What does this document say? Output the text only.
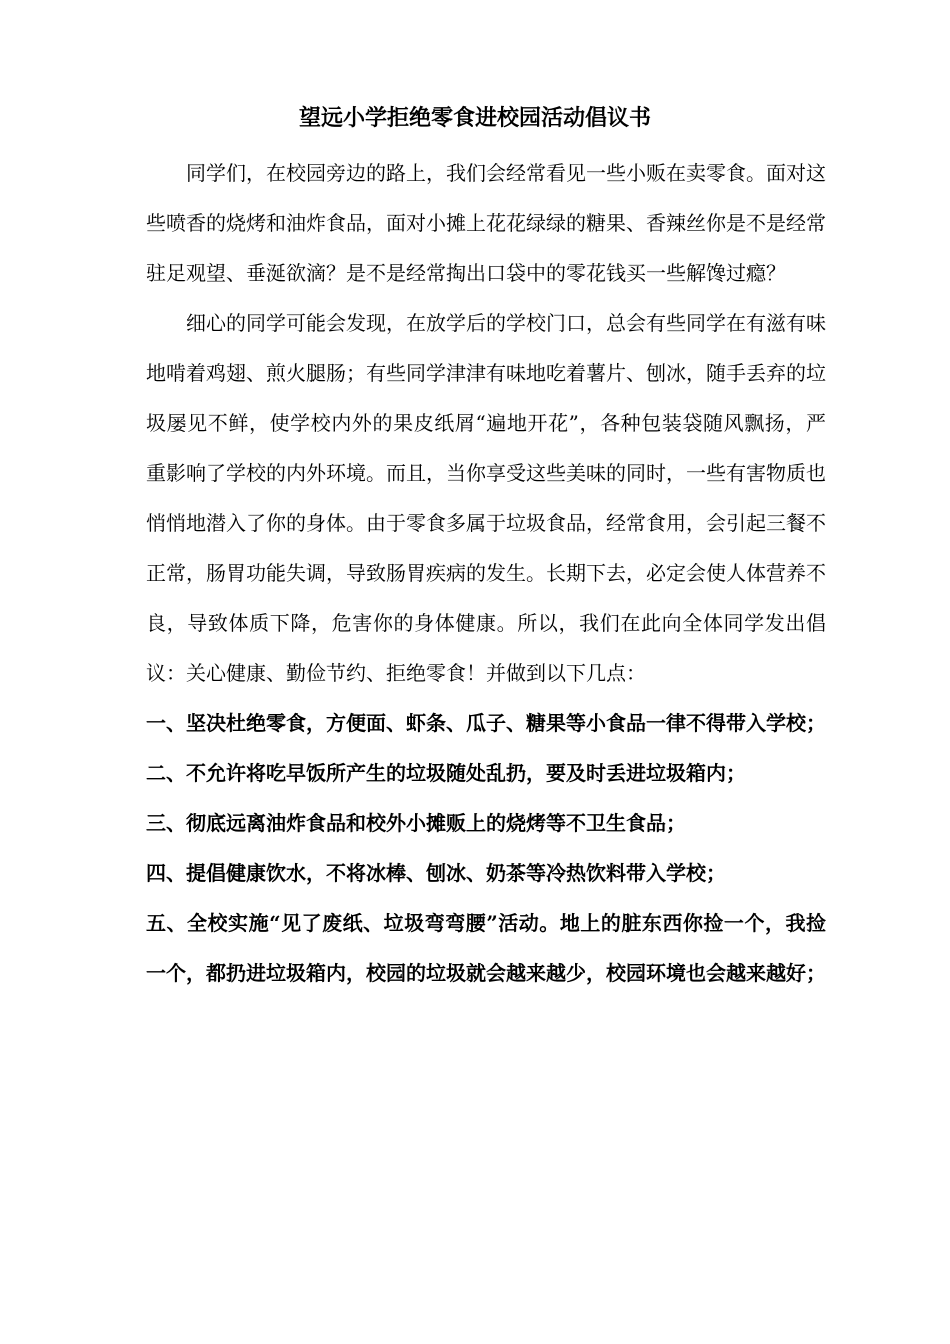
望远小学拒绝零食进校园活动倡议书

同学们，在校园旁边的路上，我们会经常看见一些小贩在卖零食。面对这些喷香的烧烤和油炸食品，面对小摊上花花绿绿的糖果、香辣丝你是不是经常驻足观望、垂涎欲滴？是不是经常掏出口袋中的零花钱买一些解馋过瘾？

细心的同学可能会发现，在放学后的学校门口，总会有些同学在有滋有味地啃着鸡翅、煎火腿肠；有些同学津津有味地吃着薯片、刨冰，随手丢弃的垃圾屡见不鲜，使学校内外的果皮纸屑“遍地开花”，各种包装袋随风飘扬，严重影响了学校的内外环境。而且，当你享受这些美味的同时，一些有害物质也悄悄地潜入了你的身体。由于零食多属于垃圾食品，经常食用，会引起三餐不正常，肠胃功能失调，导致肠胃疾病的发生。长期下去，必定会使人体营养不良，导致体质下降，危害你的身体健康。所以，我们在此向全体同学发出倡议：关心健康、勤俭节约、拒绝零食！并做到以下几点：

一、坚决杜绝零食，方便面、虾条、瓜子、糖果等小食品一律不得带入学校；

二、不允许将吃早饭所产生的垃圾随处乱扔，要及时丢进垃圾箱内；

三、彻底远离油炸食品和校外小摊贩上的烧烤等不卫生食品；

四、提倡健康饮水，不将冰棒、刨冰、奶茶等冷热饮料带入学校；

五、全校实施“见了废纸、垃圾弯弯腰”活动。地上的脏东西你捡一个，我捡一个，都扔进垃圾箱内，校园的垃圾就会越来越少，校园环境也会越来越好；
